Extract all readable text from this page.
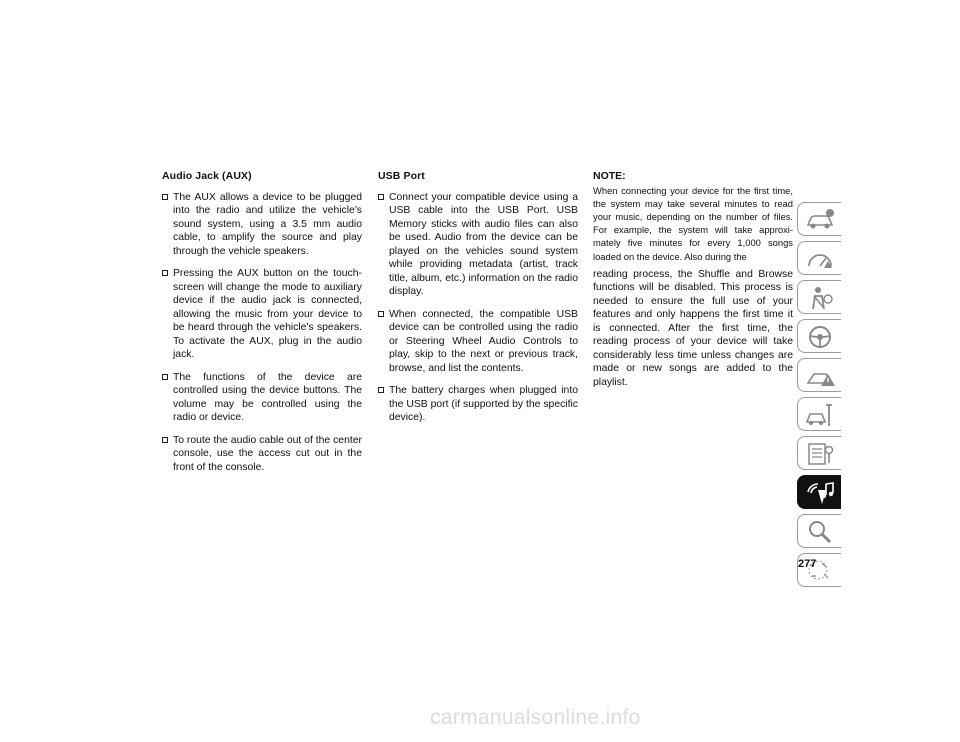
Audio Jack (AUX)

The AUX allows a device to be plugged into the radio and utilize the vehicle's sound system, using a 3.5 mm audio cable, to amplify the source and play through the vehicle speakers.
Pressing the AUX button on the touch-screen will change the mode to auxiliary device if the audio jack is connected, allowing the music from your device to be heard through the vehicle's speakers. To activate the AUX, plug in the audio jack.
The functions of the device are controlled using the device buttons. The volume may be controlled using the radio or device.
To route the audio cable out of the center console, use the access cut out in the front of the console.

USB Port

Connect your compatible device using a USB cable into the USB Port. USB Memory sticks with audio files can also be used. Audio from the device can be played on the vehicles sound system while providing metadata (artist, track title, album, etc.) information on the radio display.
When connected, the compatible USB device can be controlled using the radio or Steering Wheel Audio Controls to play, skip to the next or previous track, browse, and list the contents.
The battery charges when plugged into the USB port (if supported by the specific device).

NOTE:

When connecting your device for the first time, the system may take several minutes to read your music, depending on the number of files. For example, the system will take approxi-mately five minutes for every 1,000 songs loaded on the device. Also during the

reading process, the Shuffle and Browse functions will be disabled. This process is needed to ensure the full use of your features and only happens the first time it is connected. After the first time, the reading process of your device will take considerably less time unless changes are made or new songs are added to the playlist.

277
carmanualsonline.info
